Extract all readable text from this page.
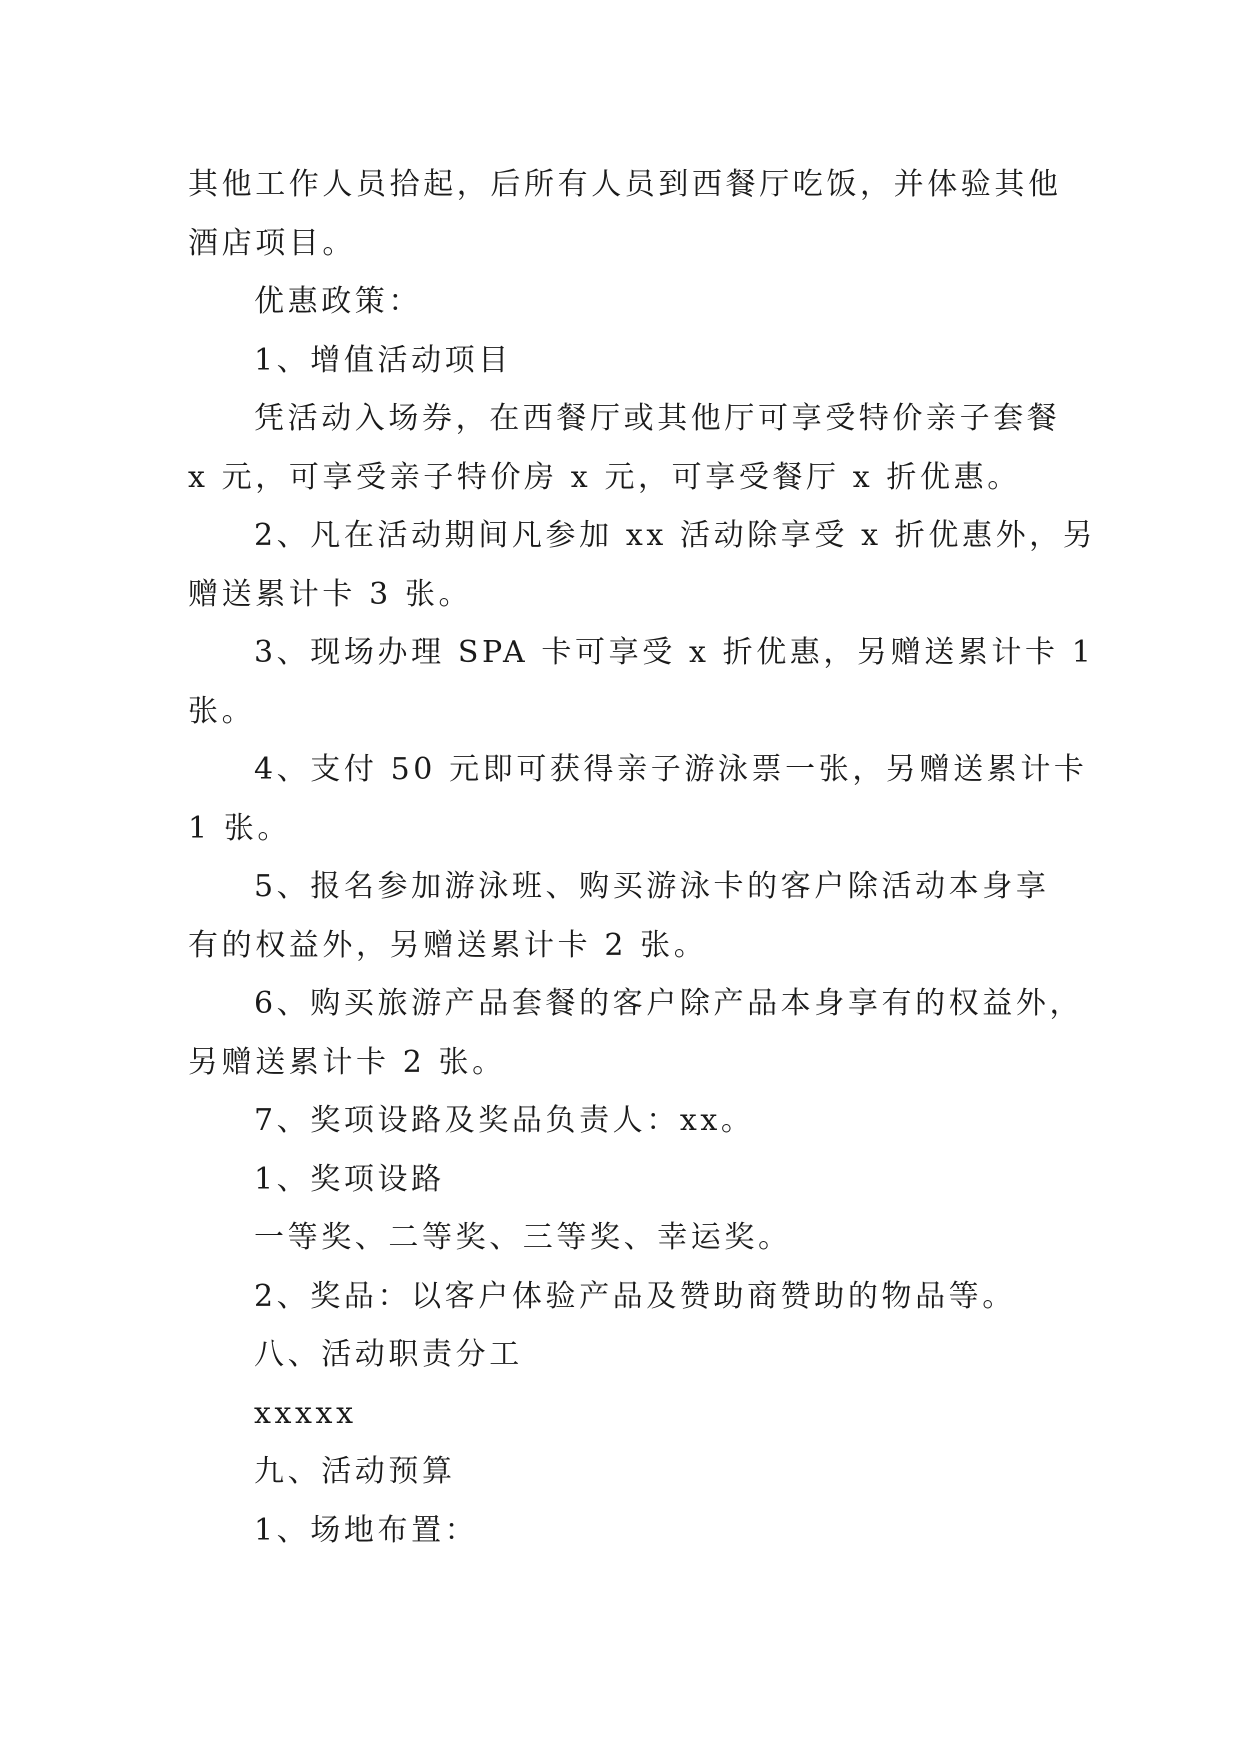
其他工作人员拾起，后所有人员到西餐厅吃饭，并体验其他

酒店项目。

优惠政策：

1、增值活动项目

凭活动入场券，在西餐厅或其他厅可享受特价亲子套餐

x 元，可享受亲子特价房 x 元，可享受餐厅 x 折优惠。

2、凡在活动期间凡参加 xx 活动除享受 x 折优惠外，另

赠送累计卡 3 张。

3、现场办理 SPA 卡可享受 x 折优惠，另赠送累计卡 1

张。

4、支付 50 元即可获得亲子游泳票一张，另赠送累计卡

1 张。

5、报名参加游泳班、购买游泳卡的客户除活动本身享

有的权益外，另赠送累计卡 2 张。

6、购买旅游产品套餐的客户除产品本身享有的权益外，

另赠送累计卡 2 张。

7、奖项设路及奖品负责人：xx。

1、奖项设路

一等奖、二等奖、三等奖、幸运奖。

2、奖品：以客户体验产品及赞助商赞助的物品等。

八、活动职责分工

xxxxx

九、活动预算

1、场地布置：
